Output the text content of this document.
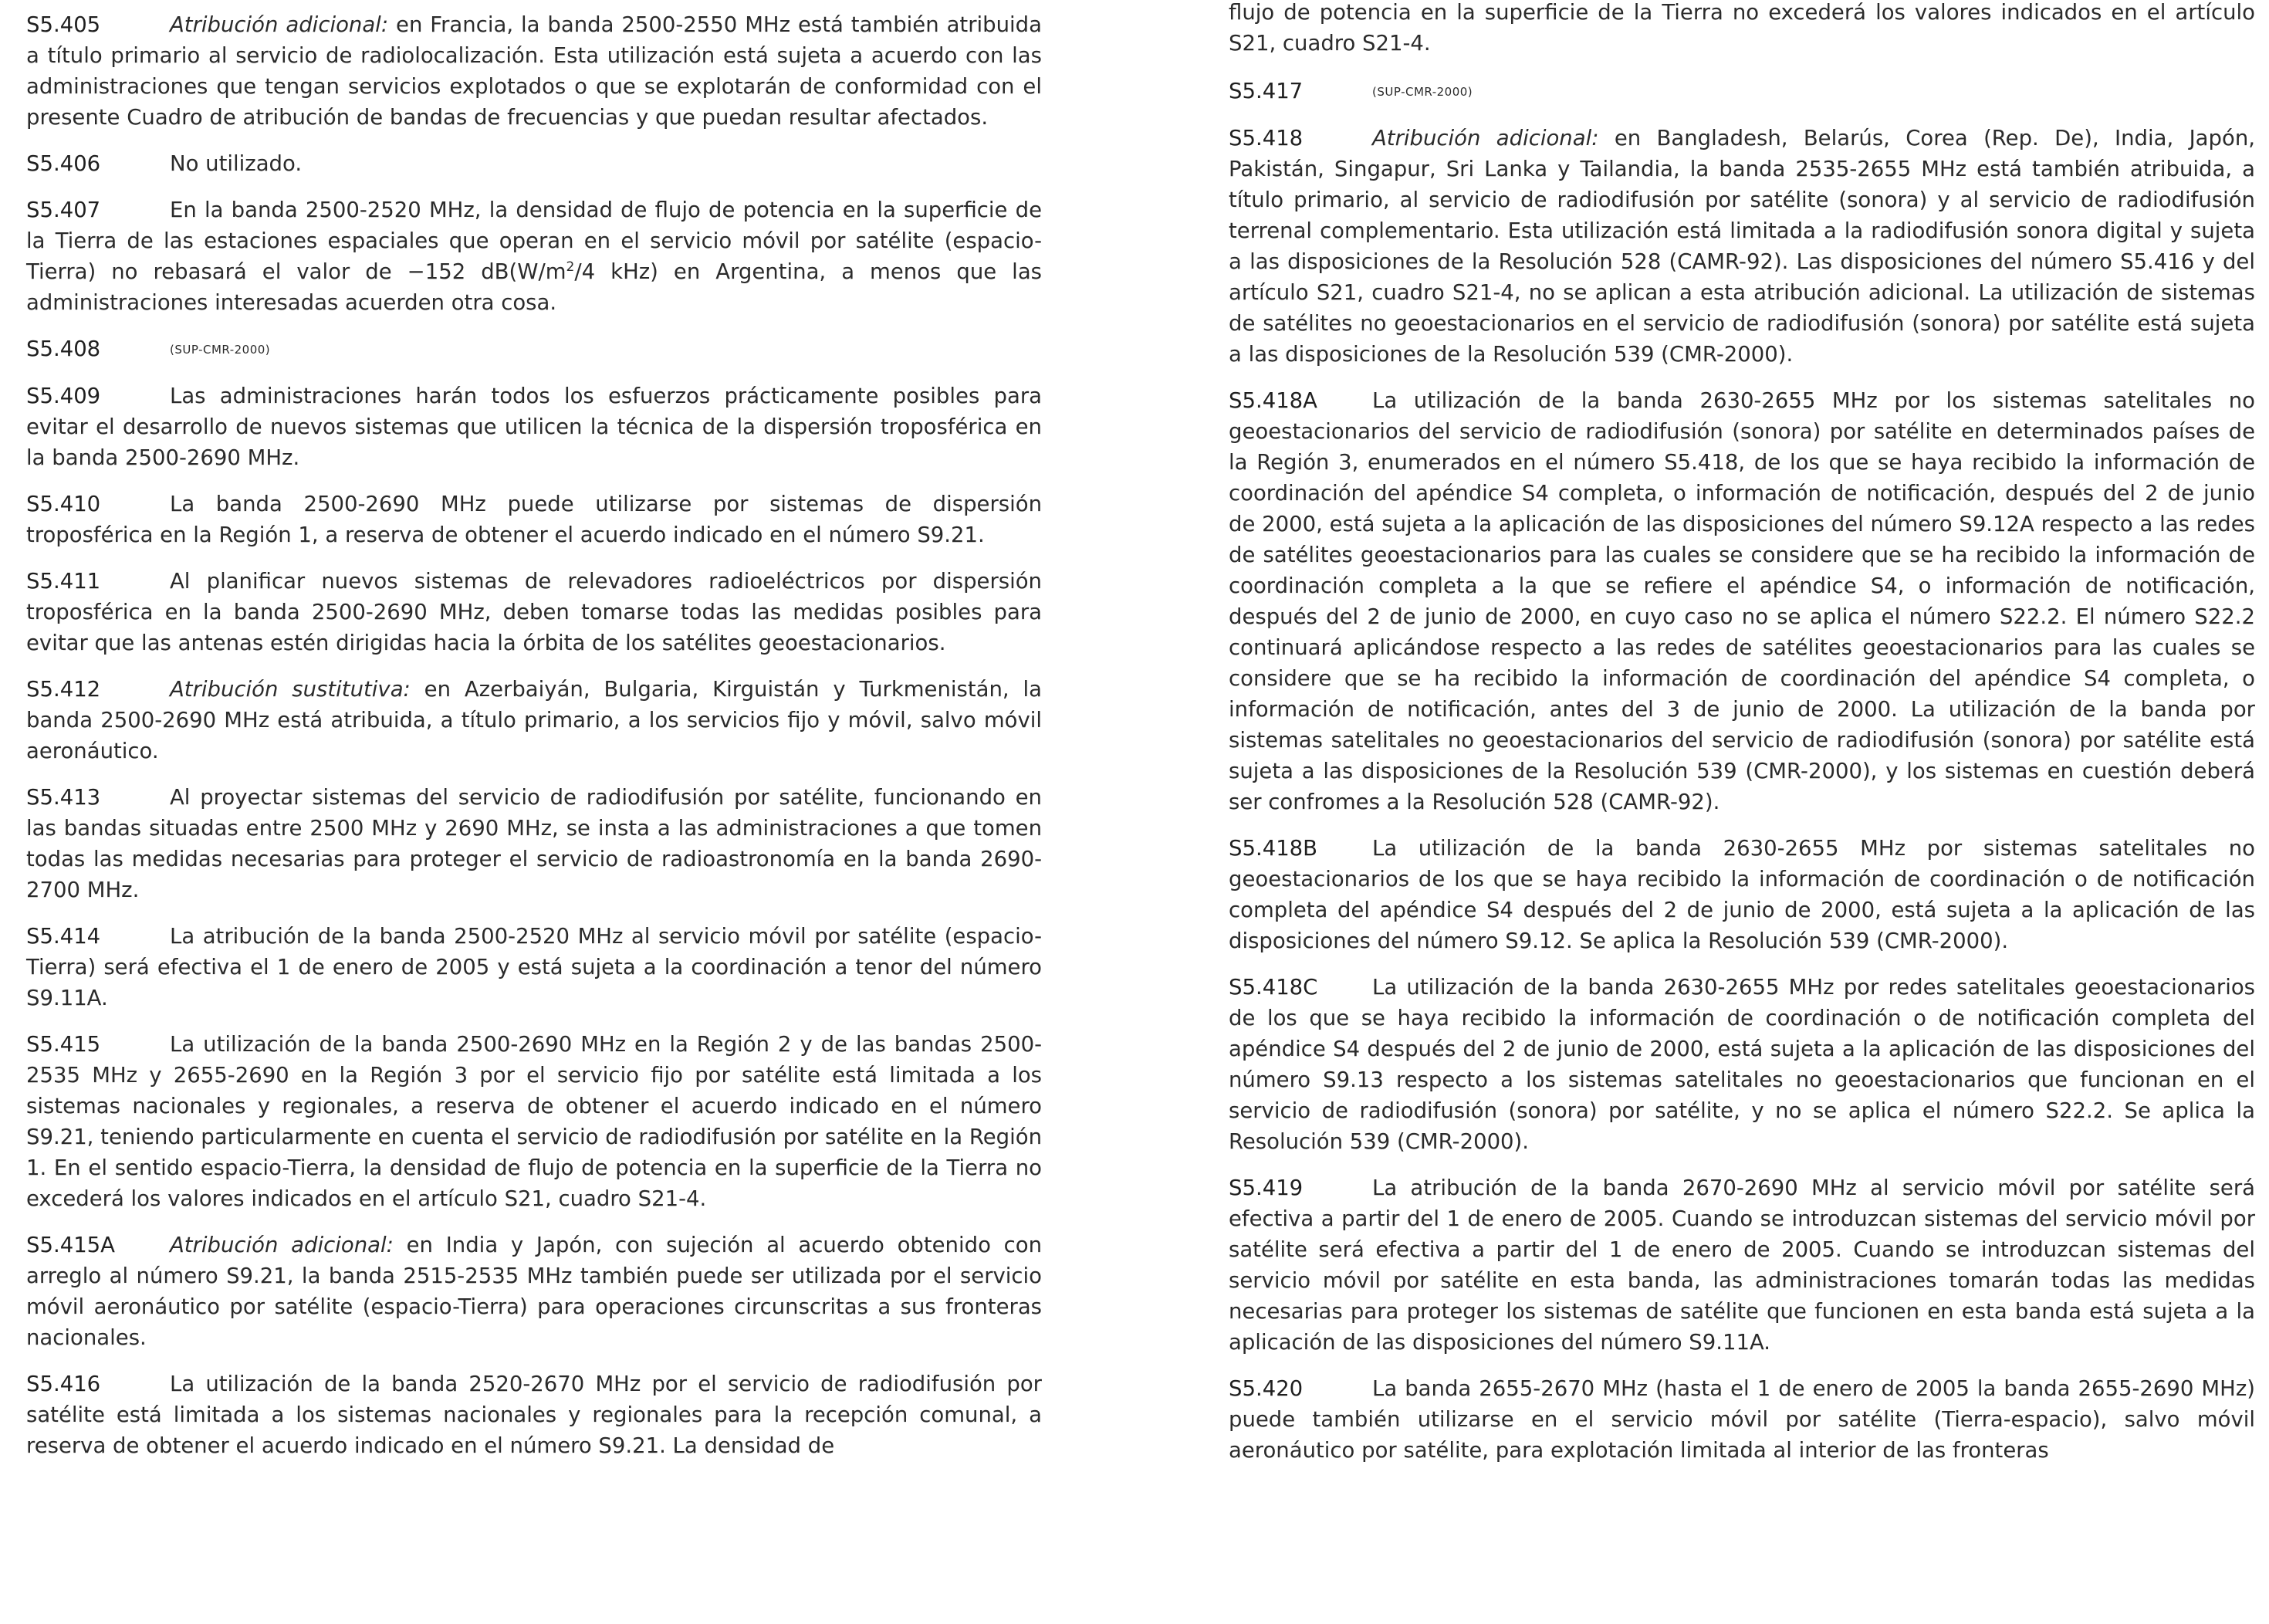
S5.405	Atribución adicional: en Francia, la banda 2500-2550 MHz está también atribuida a título primario al servicio de radiolocalización. Esta utilización está sujeta a acuerdo con las administraciones que tengan servicios explotados o que se explotarán de conformidad con el presente Cuadro de atribución de bandas de frecuencias y que puedan resultar afectados.

S5.406	No utilizado.

S5.407	En la banda 2500-2520 MHz, la densidad de flujo de potencia en la superficie de la Tierra de las estaciones espaciales que operan en el servicio móvil por satélite (espacio-Tierra) no rebasará el valor de −152 $dB(W/m^2/4$ kHz) en Argentina, a menos que las administraciones interesadas acuerden otra cosa.

S5.408	(SUP-CMR-2000)

S5.409	Las administraciones harán todos los esfuerzos prácticamente posibles para evitar el desarrollo de nuevos sistemas que utilicen la técnica de la dispersión troposférica en la banda 2500-2690 MHz.

S5.410	La banda 2500-2690 MHz puede utilizarse por sistemas de dispersión troposférica en la Región 1, a reserva de obtener el acuerdo indicado en el número S9.21.

S5.411	Al planificar nuevos sistemas de relevadores radioeléctricos por dispersión troposférica en la banda 2500-2690 MHz, deben tomarse todas las medidas posibles para evitar que las antenas estén dirigidas hacia la órbita de los satélites geoestacionarios.

S5.412	Atribución sustitutiva: en Azerbaiyán, Bulgaria, Kirguistán y Turkmenistán, la banda 2500-2690 MHz está atribuida, a título primario, a los servicios fijo y móvil, salvo móvil aeronáutico.

S5.413	Al proyectar sistemas del servicio de radiodifusión por satélite, funcionando en las bandas situadas entre 2500 MHz y 2690 MHz, se insta a las administraciones a que tomen todas las medidas necesarias para proteger el servicio de radioastronomía en la banda 2690-2700 MHz.

S5.414	La atribución de la banda 2500-2520 MHz al servicio móvil por satélite (espacio-Tierra) será efectiva el 1 de enero de 2005 y está sujeta a la coordinación a tenor del número S9.11A.

S5.415	La utilización de la banda 2500-2690 MHz en la Región 2 y de las bandas 2500-2535 MHz y 2655-2690 en la Región 3 por el servicio fijo por satélite está limitada a los sistemas nacionales y regionales, a reserva de obtener el acuerdo indicado en el número S9.21, teniendo particularmente en cuenta el servicio de radiodifusión por satélite en la Región 1. En el sentido espacio-Tierra, la densidad de flujo de potencia en la superficie de la Tierra no excederá los valores indicados en el artículo S21, cuadro S21-4.

S5.415A	Atribución adicional: en India y Japón, con sujeción al acuerdo obtenido con arreglo al número S9.21, la banda 2515-2535 MHz también puede ser utilizada por el servicio móvil aeronáutico por satélite (espacio-Tierra) para operaciones circunscritas a sus fronteras nacionales.

S5.416	La utilización de la banda 2520-2670 MHz por el servicio de radiodifusión por satélite está limitada a los sistemas nacionales y regionales para la recepción comunal, a reserva de obtener el acuerdo indicado en el número S9.21. La densidad de

flujo de potencia en la superficie de la Tierra no excederá los valores indicados en el artículo S21, cuadro S21-4.

S5.417	(SUP-CMR-2000)

S5.418	Atribución adicional: en Bangladesh, Belarús, Corea (Rep. De), India, Japón, Pakistán, Singapur, Sri Lanka y Tailandia, la banda 2535-2655 MHz está también atribuida, a título primario, al servicio de radiodifusión por satélite (sonora) y al servicio de radiodifusión terrenal complementario. Esta utilización está limitada a la radiodifusión sonora digital y sujeta a las disposiciones de la Resolución 528 (CAMR-92). Las disposiciones del número S5.416 y del artículo S21, cuadro S21-4, no se aplican a esta atribución adicional. La utilización de sistemas de satélites no geoestacionarios en el servicio de radiodifusión (sonora) por satélite está sujeta a las disposiciones de la Resolución 539 (CMR-2000).

S5.418A	La utilización de la banda 2630-2655 MHz por los sistemas satelitales no geoestacionarios del servicio de radiodifusión (sonora) por satélite en determinados países de la Región 3, enumerados en el número S5.418, de los que se haya recibido la información de coordinación del apéndice S4 completa, o información de notificación, después del 2 de junio de 2000, está sujeta a la aplicación de las disposiciones del número S9.12A respecto a las redes de satélites geoestacionarios para las cuales se considere que se ha recibido la información de coordinación completa a la que se refiere el apéndice S4, o información de notificación, después del 2 de junio de 2000, en cuyo caso no se aplica el número S22.2. El número S22.2 continuará aplicándose respecto a las redes de satélites geoestacionarios para las cuales se considere que se ha recibido la información de coordinación del apéndice S4 completa, o información de notificación, antes del 3 de junio de 2000. La utilización de la banda por sistemas satelitales no geoestacionarios del servicio de radiodifusión (sonora) por satélite está sujeta a las disposiciones de la Resolución 539 (CMR-2000), y los sistemas en cuestión deberá ser confromes a la Resolución 528 (CAMR-92).

S5.418B	La utilización de la banda 2630-2655 MHz por sistemas satelitales no geoestacionarios de los que se haya recibido la información de coordinación o de notificación completa del apéndice S4 después del 2 de junio de 2000, está sujeta a la aplicación de las disposiciones del número S9.12. Se aplica la Resolución 539 (CMR-2000).

S5.418C	La utilización de la banda 2630-2655 MHz por redes satelitales geoestacionarios de los que se haya recibido la información de coordinación o de notificación completa del apéndice S4 después del 2 de junio de 2000, está sujeta a la aplicación de las disposiciones del número S9.13 respecto a los sistemas satelitales no geoestacionarios que funcionan en el servicio de radiodifusión (sonora) por satélite, y no se aplica el número S22.2. Se aplica la Resolución 539 (CMR-2000).

S5.419	La atribución de la banda 2670-2690 MHz al servicio móvil por satélite será efectiva a partir del 1 de enero de 2005. Cuando se introduzcan sistemas del servicio móvil por satélite será efectiva a partir del 1 de enero de 2005. Cuando se introduzcan sistemas del servicio móvil por satélite en esta banda, las administraciones tomarán todas las medidas necesarias para proteger los sistemas de satélite que funcionen en esta banda está sujeta a la aplicación de las disposiciones del número S9.11A.

S5.420	La banda 2655-2670 MHz (hasta el 1 de enero de 2005 la banda 2655-2690 MHz) puede también utilizarse en el servicio móvil por satélite (Tierra-espacio), salvo móvil aeronáutico por satélite, para explotación limitada al interior de las fronteras
